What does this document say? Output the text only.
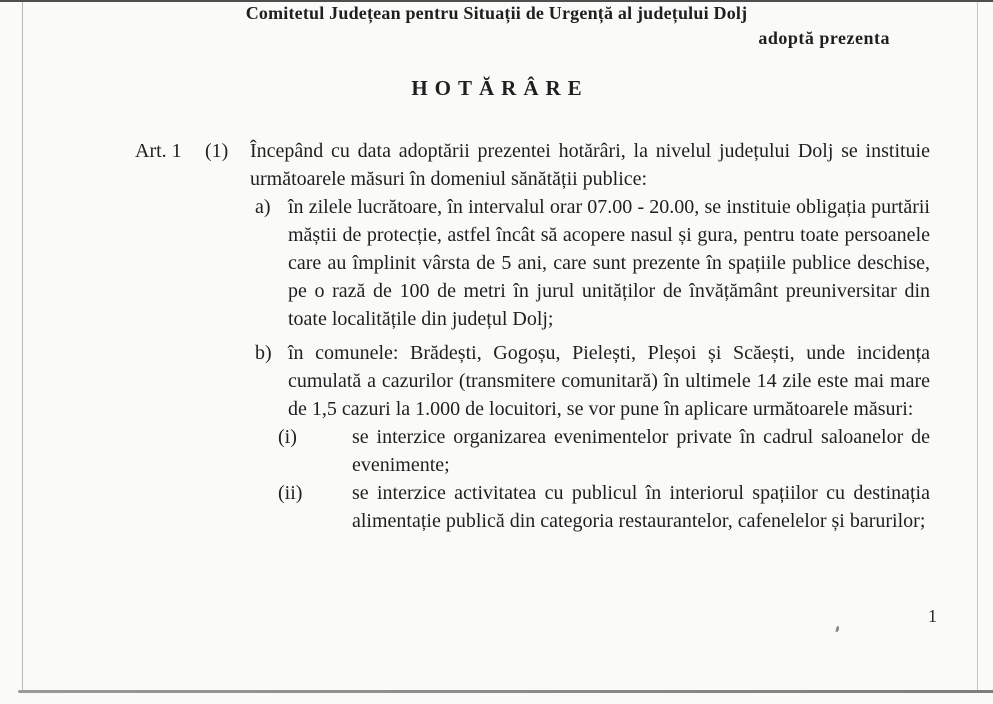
Comitetul Județean pentru Situații de Urgență al județului Dolj
adoptă prezenta
HOTĂRÂRE
Art. 1 (1) Începând cu data adoptării prezentei hotărâri, la nivelul județului Dolj se instituie următoarele măsuri în domeniul sănătății publice:

a) în zilele lucrătoare, în intervalul orar 07.00 - 20.00, se instituie obligația purtării măștii de protecție, astfel încât să acopere nasul și gura, pentru toate persoanele care au împlinit vârsta de 5 ani, care sunt prezente în spațiile publice deschise, pe o rază de 100 de metri în jurul unităților de învățământ preuniversitar din toate localitățile din județul Dolj;

b) în comunele: Brădești, Gogoșu, Pielești, Pleșoi și Scăești, unde incidența cumulată a cazurilor (transmitere comunitară) în ultimele 14 zile este mai mare de 1,5 cazuri la 1.000 de locuitori, se vor pune în aplicare următoarele măsuri:

(i)	se interzice organizarea evenimentelor private în cadrul saloanelor de evenimente;

(ii)	se interzice activitatea cu publicul în interiorul spațiilor cu destinația alimentație publică din categoria restaurantelor, cafenelelor și barurilor;

1
